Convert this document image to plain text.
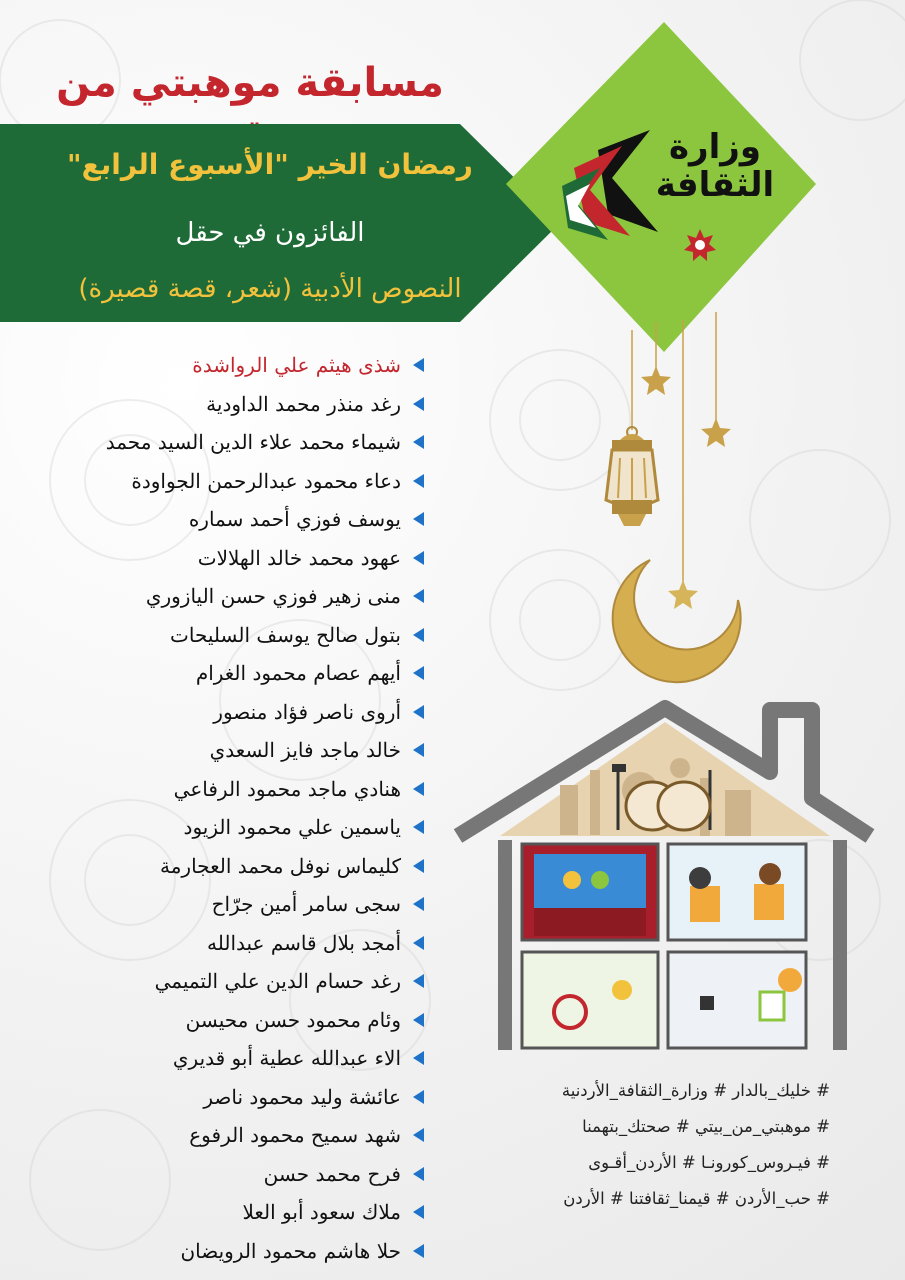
مسابقة موهبتي من
رمضان الخير "الأسبوع الرابع"
الفائزون في حقل
النصوص الأدبية (شعر، قصة قصيرة)
وزارة
الثقافة
شذى هيثم علي الرواشدة
رغد منذر محمد الداودية
شيماء محمد علاء الدين السيد محمد
دعاء محمود عبدالرحمن الجواودة
يوسف فوزي أحمد سماره
عهود محمد خالد الهلالات
منى زهير فوزي حسن اليازوري
بتول صالح يوسف السليحات
أيهم عصام محمود الغرام
أروى ناصر فؤاد منصور
خالد ماجد فايز السعدي
هنادي ماجد محمود الرفاعي
ياسمين علي محمود الزيود
كليماس نوفل محمد العجارمة
سجى سامر أمين جرّاح
أمجد بلال قاسم عبدالله
رغد حسام الدين علي التميمي
وئام محمود حسن محيسن
الاء عبدالله عطية أبو قديري
عائشة وليد محمود ناصر
شهد سميح محمود الرفوع
فرح محمد حسن
ملاك سعود أبو العلا
حلا هاشم محمود الرويضان
# خليك_بالدار # وزارة_الثقافة_الأردنية
# موهبتي_من_بيتي # صحتك_بتهمنا
# فيـروس_كورونـا # الأردن_أقـوى
# حب_الأردن # قيمنا_ثقافتنا # الأردن
